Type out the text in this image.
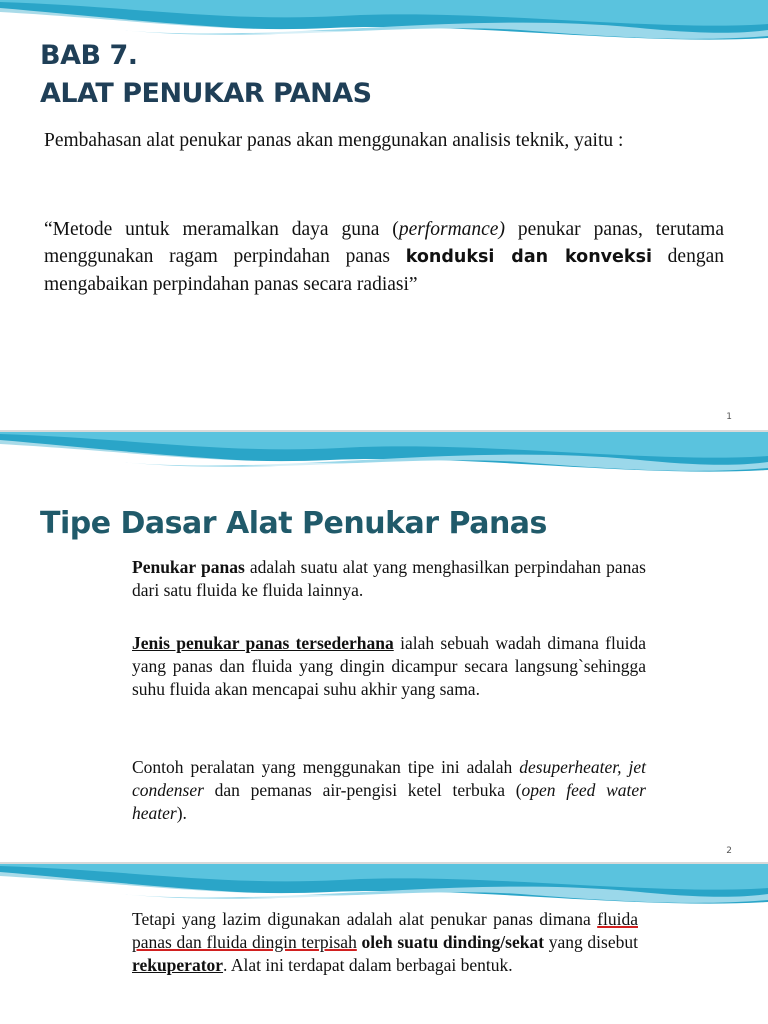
BAB 7.
ALAT PENUKAR PANAS

Pembahasan alat penukar panas akan menggunakan analisis teknik, yaitu :

“Metode untuk meramalkan daya guna (performance) penukar panas, terutama menggunakan ragam perpindahan panas konduksi dan konveksi dengan mengabaikan perpindahan panas secara radiasi”

1
Tipe Dasar Alat Penukar Panas

Penukar panas adalah suatu alat yang menghasilkan perpindahan panas dari satu fluida ke fluida lainnya.

Jenis penukar panas tersederhana ialah sebuah wadah dimana fluida yang panas dan fluida yang dingin dicampur secara langsung`sehingga suhu fluida akan mencapai suhu akhir yang sama.

Contoh peralatan yang menggunakan tipe ini adalah desuperheater, jet condenser dan pemanas air-pengisi ketel terbuka (open feed water heater).

2

Tetapi yang lazim digunakan adalah alat penukar panas dimana fluida panas dan fluida dingin terpisah oleh suatu dinding/sekat yang disebut rekuperator. Alat ini terdapat dalam berbagai bentuk.
